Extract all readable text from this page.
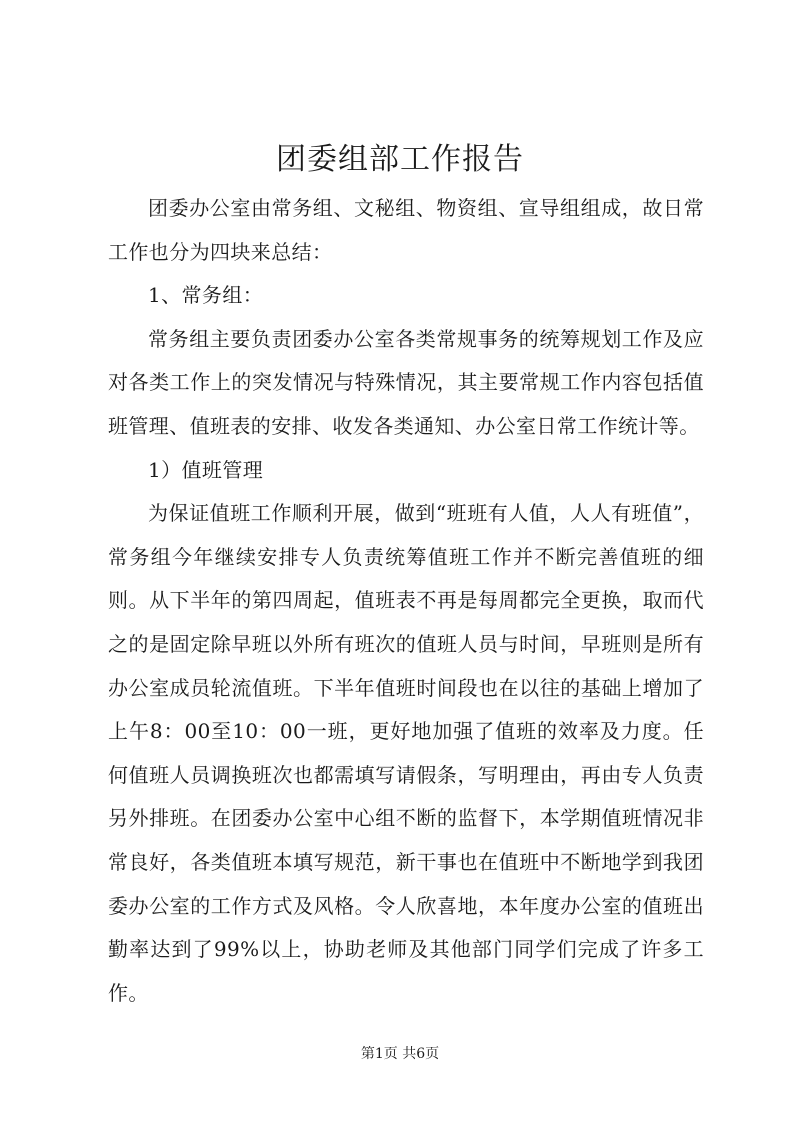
团委组部工作报告

团委办公室由常务组、文秘组、物资组、宣导组组成，故日常工作也分为四块来总结：

1、常务组：

常务组主要负责团委办公室各类常规事务的统筹规划工作及应对各类工作上的突发情况与特殊情况，其主要常规工作内容包括值班管理、值班表的安排、收发各类通知、办公室日常工作统计等。

1）值班管理

为保证值班工作顺利开展，做到“班班有人值，人人有班值”，常务组今年继续安排专人负责统筹值班工作并不断完善值班的细则。从下半年的第四周起，值班表不再是每周都完全更换，取而代之的是固定除早班以外所有班次的值班人员与时间，早班则是所有办公室成员轮流值班。下半年值班时间段也在以往的基础上增加了上午8：00至10：00一班，更好地加强了值班的效率及力度。任何值班人员调换班次也都需填写请假条，写明理由，再由专人负责另外排班。在团委办公室中心组不断的监督下，本学期值班情况非常良好，各类值班本填写规范，新干事也在值班中不断地学到我团委办公室的工作方式及风格。令人欣喜地，本年度办公室的值班出勤率达到了99%以上，协助老师及其他部门同学们完成了许多工作。

第1页 共6页
